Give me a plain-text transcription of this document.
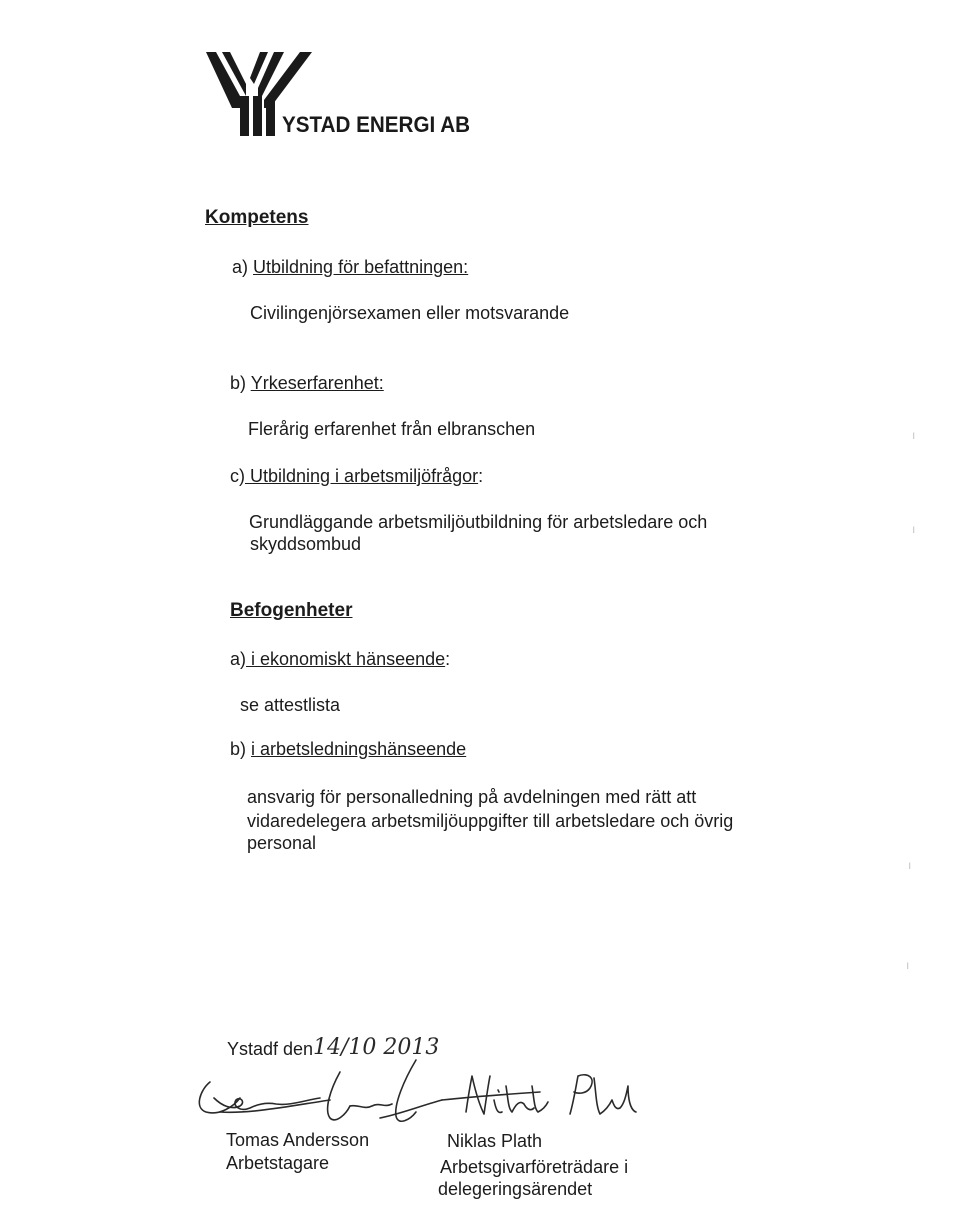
YSTAD ENERGI AB
Kompetens
a) Utbildning för befattningen:
Civilingenjörsexamen eller motsvarande
b) Yrkeserfarenhet:
Flerårig erfarenhet från elbranschen
c) Utbildning i arbetsmiljöfrågor:
Grundläggande arbetsmiljöutbildning för arbetsledare och
skyddsombud
Befogenheter
a) i ekonomiskt hänseende:
se attestlista
b) i arbetsledningshänseende
ansvarig för personalledning på avdelningen med rätt att
vidaredelegera arbetsmiljöuppgifter till arbetsledare och övrig
personal
Ystadf den 14/10 2013
Tomas Andersson
Arbetstagare
Niklas Plath
Arbetsgivarföreträdare i
delegeringsärendet
ı
ı
ı
ı
